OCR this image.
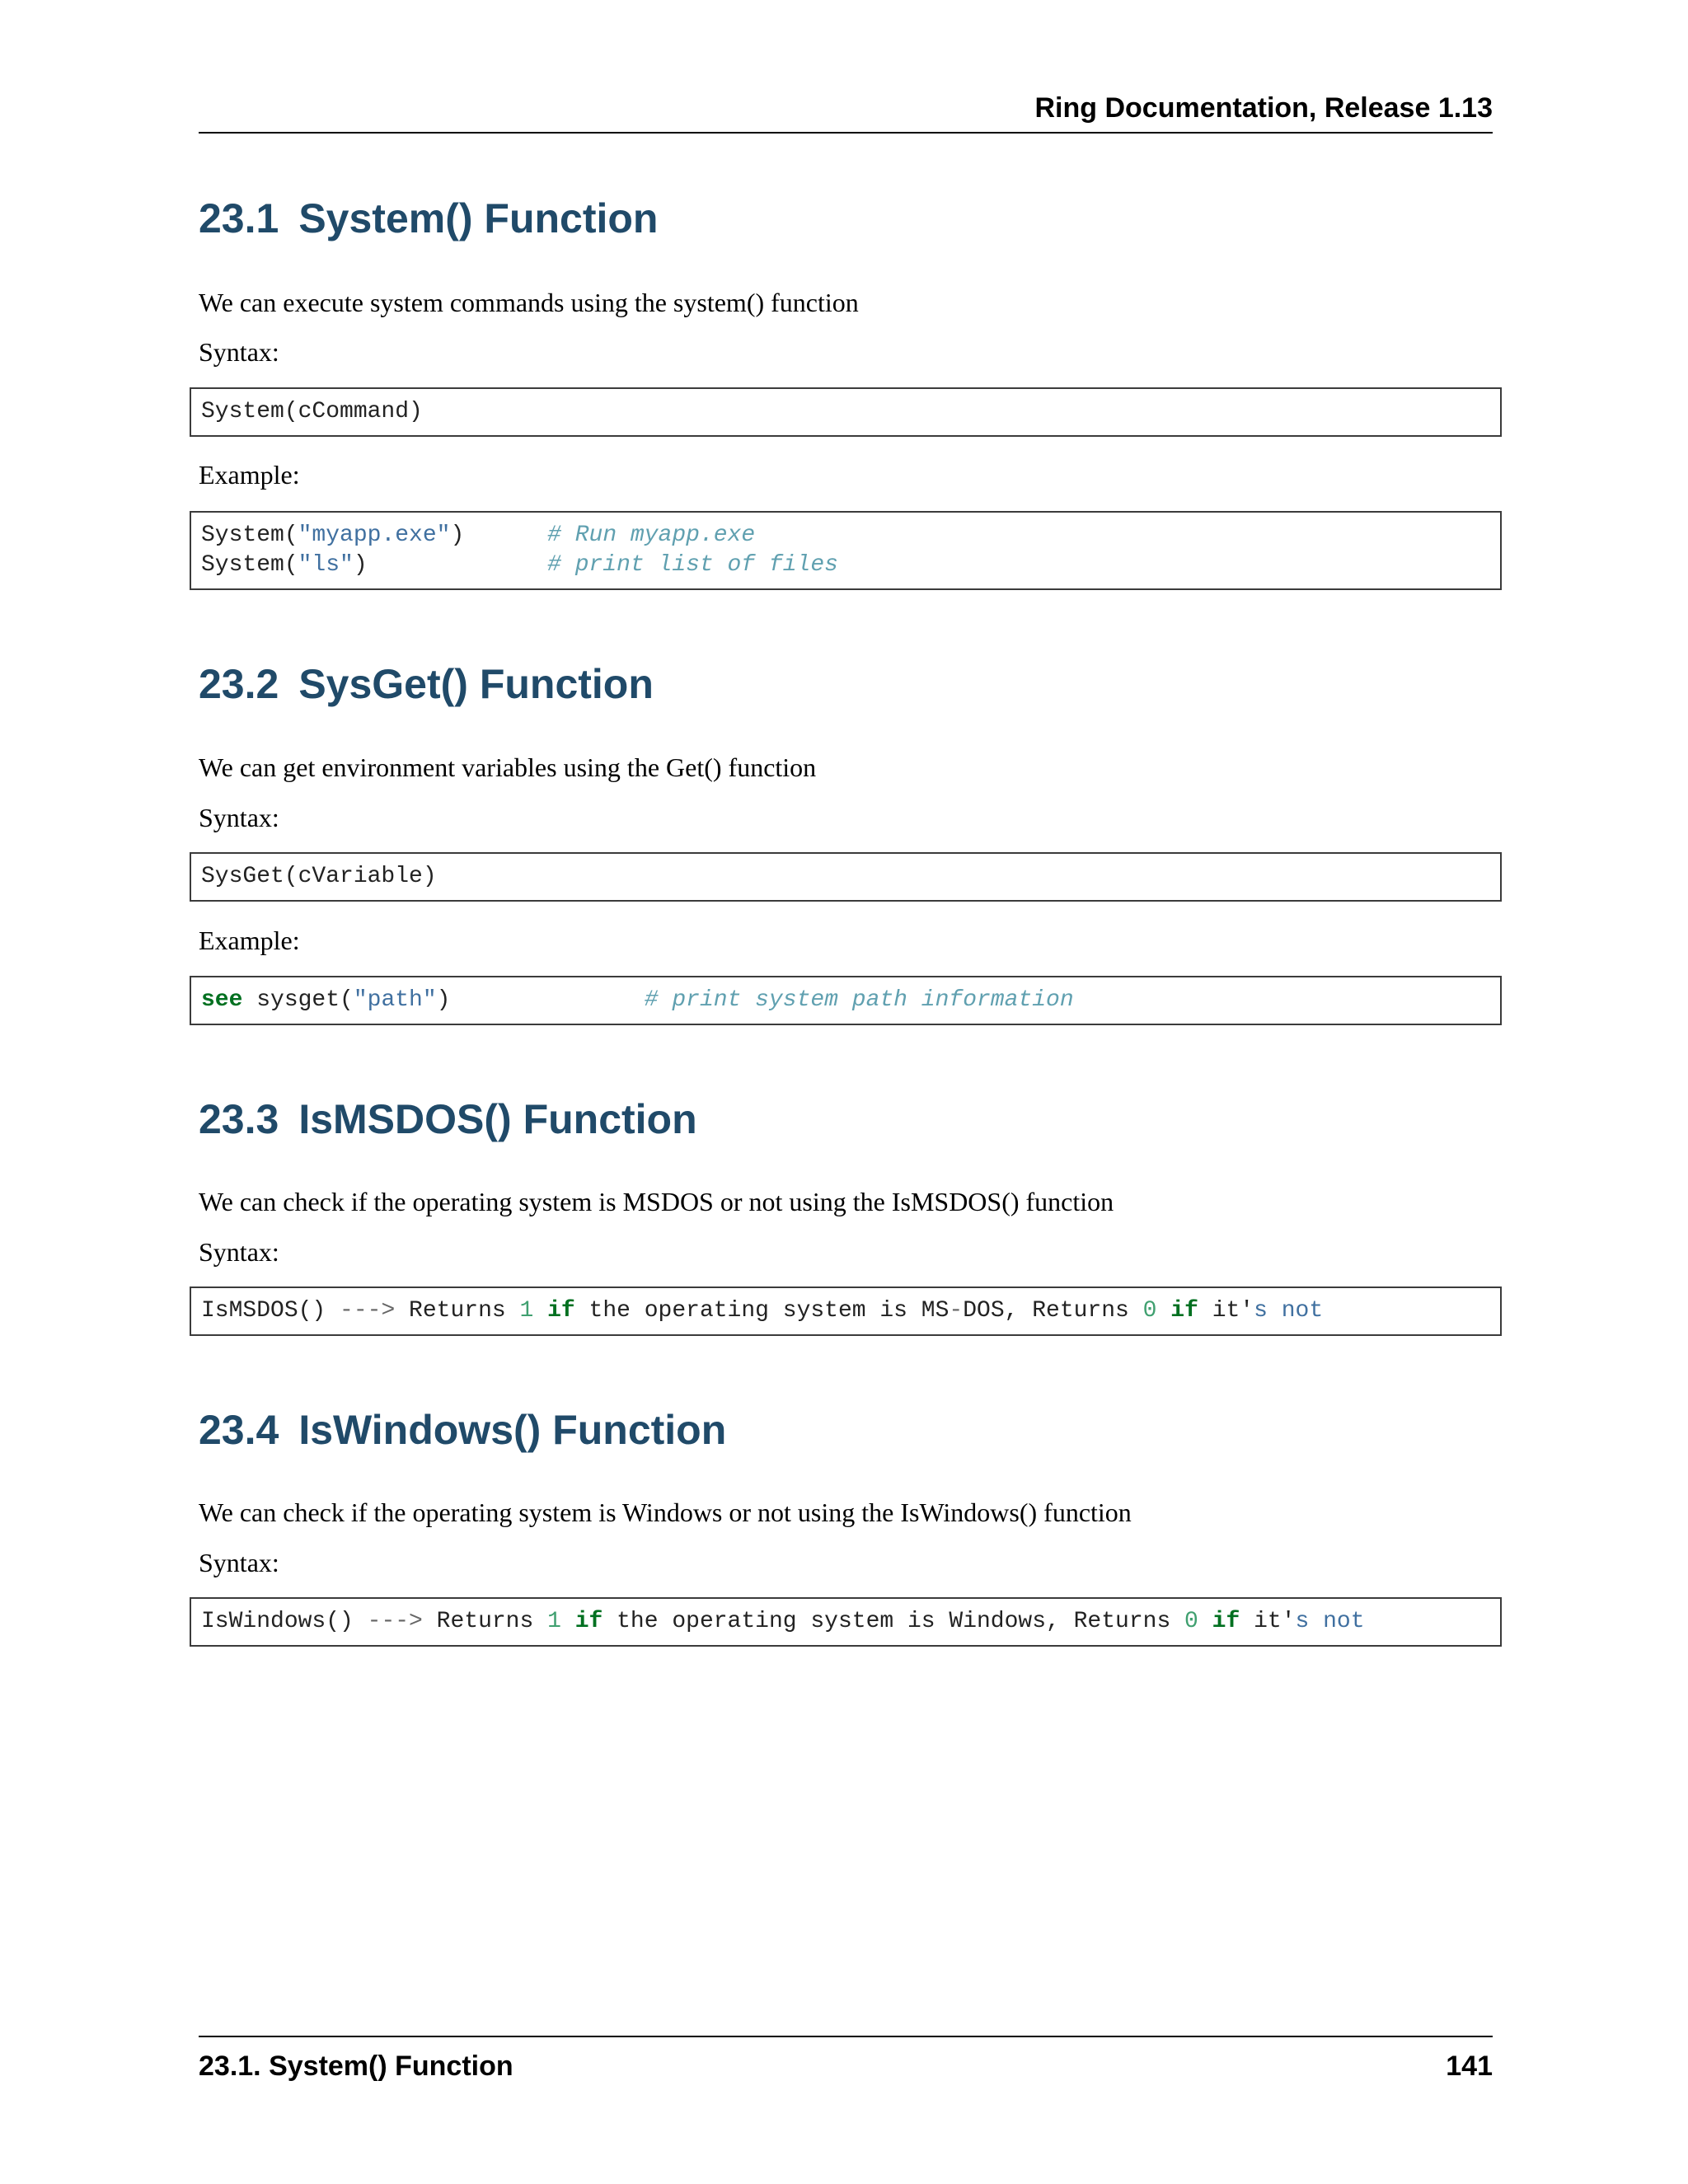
Ring Documentation, Release 1.13
23.1 System() Function

We can execute system commands using the system() function

Syntax:

System(cCommand)

Example:

System("myapp.exe")	# Run myapp.exe
System("ls")	# print list of files
23.2 SysGet() Function

We can get environment variables using the Get() function

Syntax:

SysGet(cVariable)

Example:

see sysget("path")	# print system path information
23.3 IsMSDOS() Function

We can check if the operating system is MSDOS or not using the IsMSDOS() function

Syntax:

IsMSDOS() ---> Returns 1 if the operating system is MS-DOS, Returns 0 if it's not
23.4 IsWindows() Function

We can check if the operating system is Windows or not using the IsWindows() function

Syntax:

IsWindows() ---> Returns 1 if the operating system is Windows, Returns 0 if it's not
23.1. System() Function	141
